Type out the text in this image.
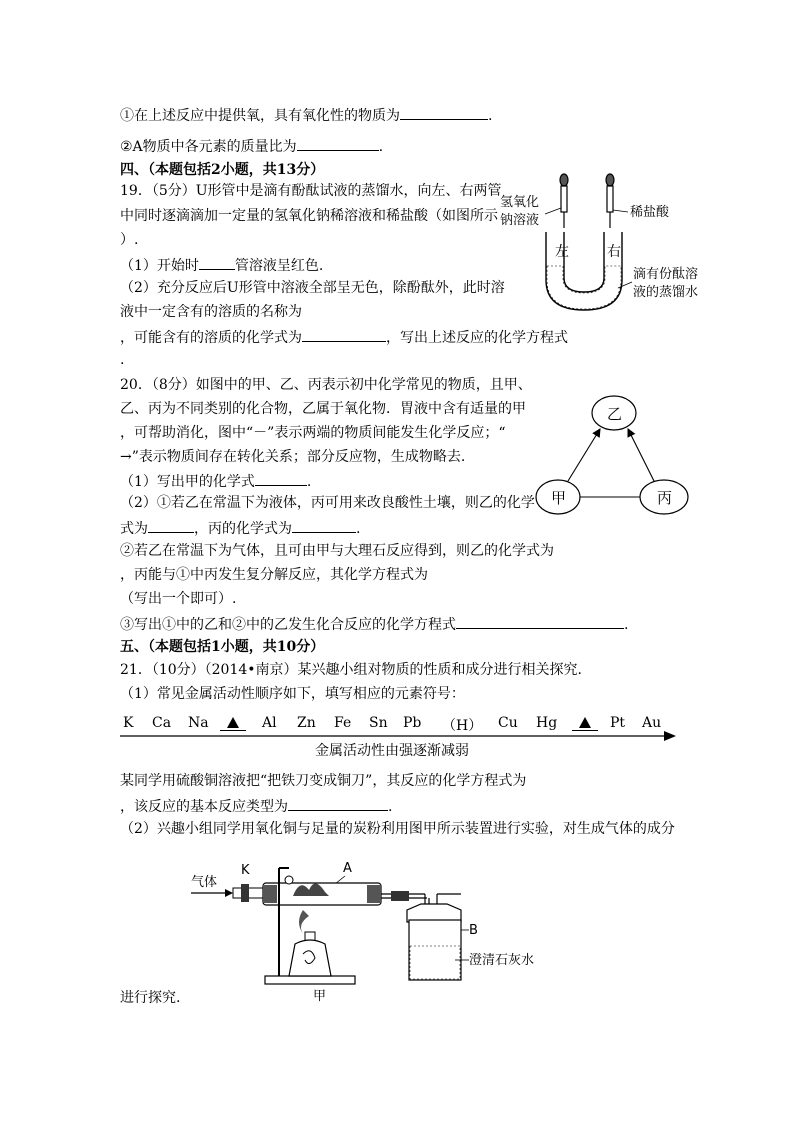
①在上述反应中提供氧，具有氧化性的物质为	.
②A物质中各元素的质量比为	.
四、（本题包括2小题，共13分）
19．（5分）U形管中是滴有酚酞试液的蒸馏水，向左、右两管
中同时逐滴滴加一定量的氢氧化钠稀溶液和稀盐酸（如图所示
）.
（1）开始时	管溶液呈红色.
（2）充分反应后U形管中溶液全部呈无色，除酚酞外，此时溶
液中一定含有的溶质的名称为
，可能含有的溶质的化学式为	，写出上述反应的化学方程式
.
左	右
氢氧化
钠溶液
稀盐酸
滴有份酞溶
液的蒸馏水
20．（8分）如图中的甲、乙、丙表示初中化学常见的物质，且甲、
乙、丙为不同类别的化合物，乙属于氧化物．胃液中含有适量的甲
，可帮助消化，图中“－”表示两端的物质间能发生化学反应；“
→”表示物质间存在转化关系；部分反应物，生成物略去.
（1）写出甲的化学式	.
（2）①若乙在常温下为液体，丙可用来改良酸性土壤，则乙的化学
式为	，丙的化学式为	.
②若乙在常温下为气体，且可由甲与大理石反应得到，则乙的化学式为
，丙能与①中丙发生复分解反应，其化学方程式为
（写出一个即可）.
③写出①中的乙和②中的乙发生化合反应的化学方程式	.
乙
甲	丙
五、（本题包括1小题，共10分）
21．（10分）（2014•南京）某兴趣小组对物质的性质和成分进行相关探究.
（1）常见金属活动性顺序如下，填写相应的元素符号：
K Ca Na	Al Zn Fe Sn Pb （H） Cu Hg	Pt Au
金属活动性由强逐渐减弱
某同学用硫酸铜溶液把“把铁刀变成铜刀”，其反应的化学方程式为
，该反应的基本反应类型为	.
（2）兴趣小组同学用氧化铜与足量的炭粉利用图甲所示装置进行实验，对生成气体的成分
气体
K	A
B
澄清石灰水
甲
进行探究.
